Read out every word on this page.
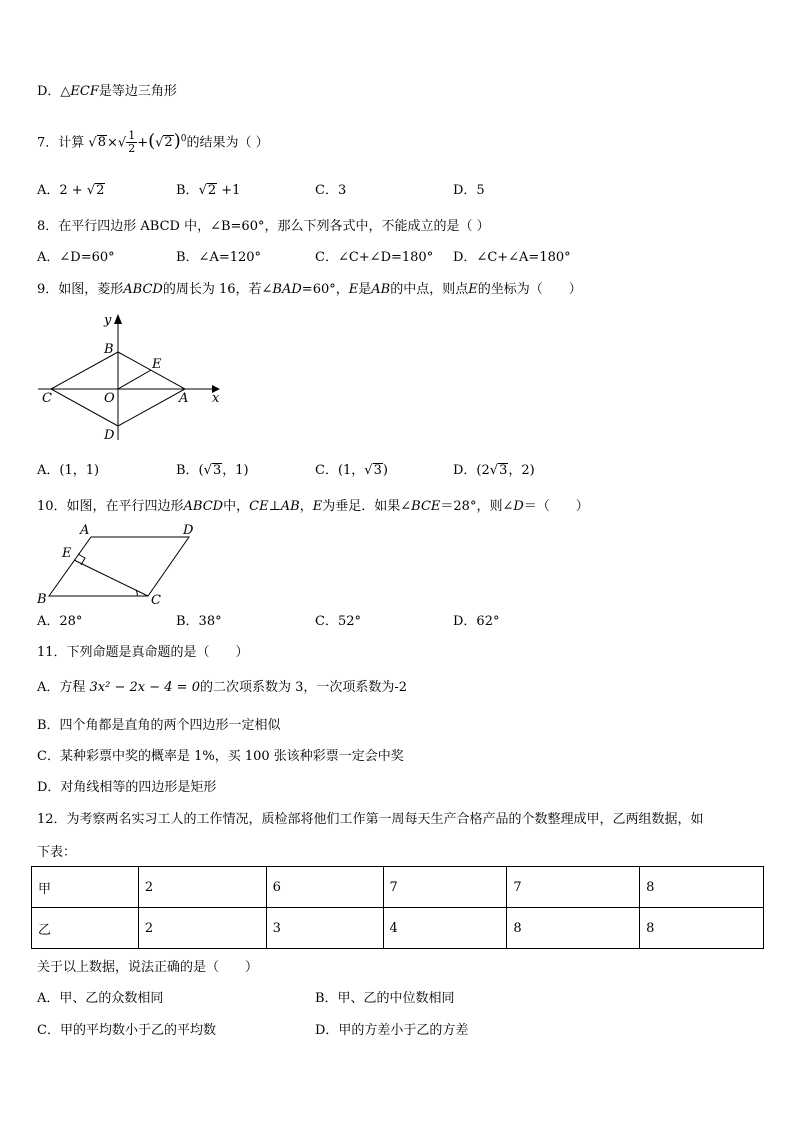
D．△ECF是等边三角形
7．计算 $√8\times√ \frac{1}{2} +(√2)^0$的结果为（ ）
A．2 + √2	B．√2 +1	C．3	D．5
8．在平行四边形 ABCD 中，∠B=60°，那么下列各式中，不能成立的是（ ）
A．∠D=60°	B．∠A=120°	C．∠C+∠D=180° D．∠C+∠A=180°
9．如图，菱形ABCD的周长为 16，若∠BAD=60°，E是AB的中点，则点E的坐标为（　　）
y
x
B
E
C	O	A
D
A．(1，1)	B．(√3，1)	C．(1，√3)	D．(2√3，2)
10．如图，在平行四边形ABCD中，CE⊥AB，E为垂足．如果∠BCE＝28°，则∠D＝（　　）
A	D
E
B	C
A．28°	B．38°	C．52°	D．62°
11．下列命题是真命题的是（　　）
A．方程 3x² − 2x − 4 = 0的二次项系数为 3，一次项系数为-2
B．四个角都是直角的两个四边形一定相似
C．某种彩票中奖的概率是 1%，买 100 张该种彩票一定会中奖
D．对角线相等的四边形是矩形
12．为考察两名实习工人的工作情况，质检部将他们工作第一周每天生产合格产品的个数整理成甲，乙两组数据，如
下表：
甲	2	6	7	7	8
乙	2	3	4	8	8
关于以上数据，说法正确的是（　　）
A．甲、乙的众数相同	B．甲、乙的中位数相同
C．甲的平均数小于乙的平均数	D．甲的方差小于乙的方差
